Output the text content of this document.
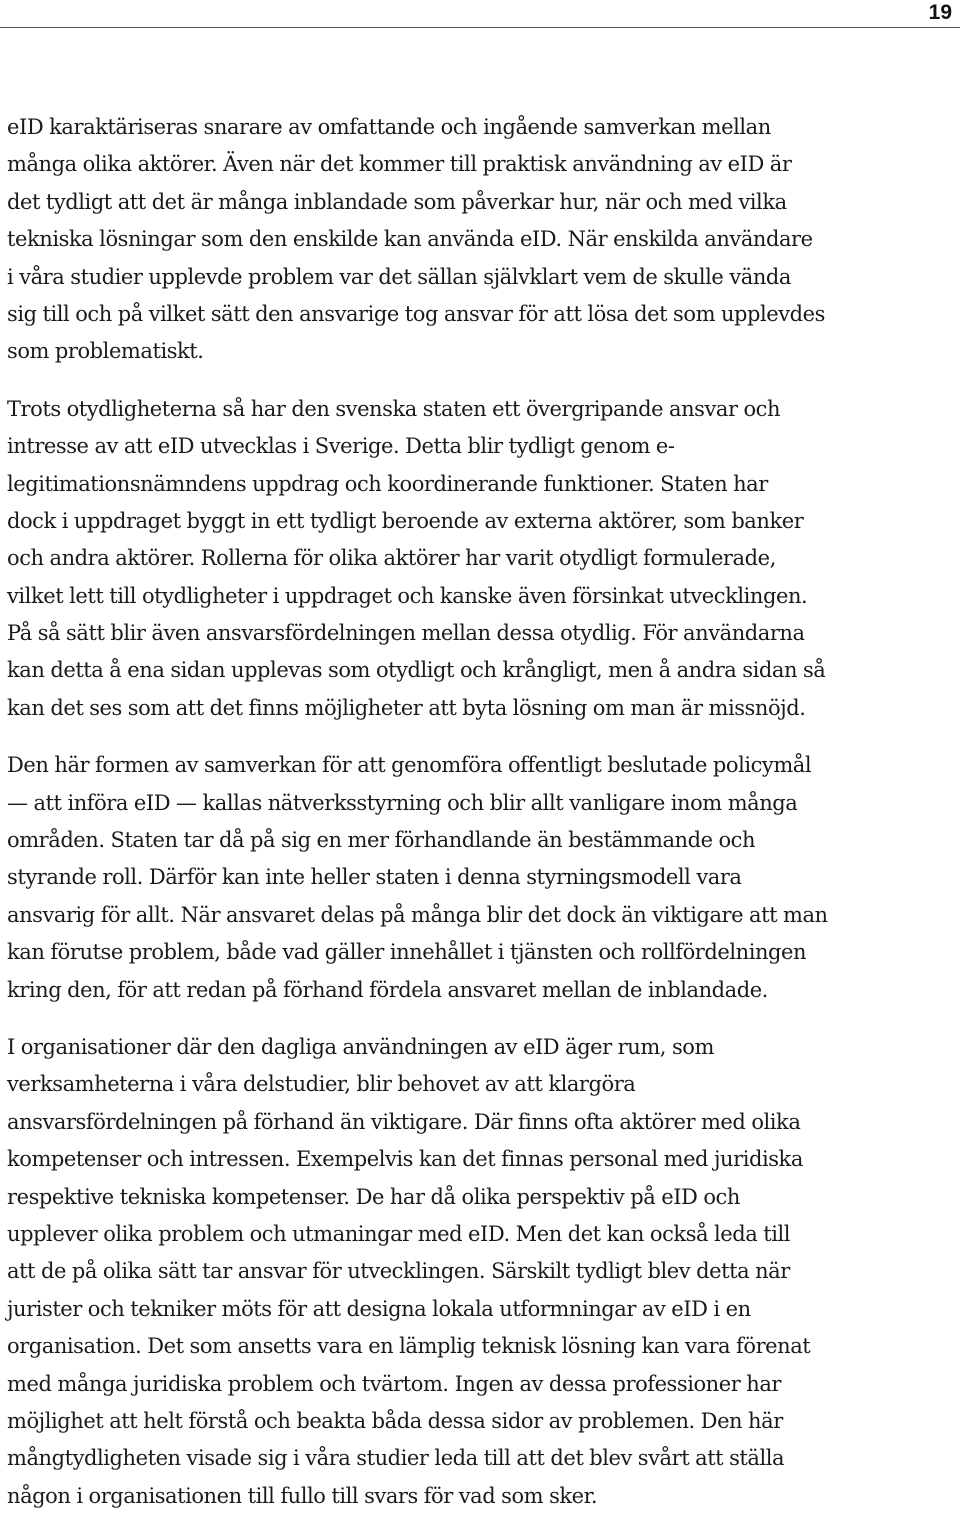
19

eID karaktäriseras snarare av omfattande och ingående samverkan mellan
många olika aktörer. Även när det kommer till praktisk användning av eID är
det tydligt att det är många inblandade som påverkar hur, när och med vilka
tekniska lösningar som den enskilde kan använda eID. När enskilda användare
i våra studier upplevde problem var det sällan självklart vem de skulle vända
sig till och på vilket sätt den ansvarige tog ansvar för att lösa det som upplevdes
som problematiskt.

Trots otydligheterna så har den svenska staten ett övergripande ansvar och
intresse av att eID utvecklas i Sverige. Detta blir tydligt genom e-
legitimationsnämndens uppdrag och koordinerande funktioner. Staten har
dock i uppdraget byggt in ett tydligt beroende av externa aktörer, som banker
och andra aktörer. Rollerna för olika aktörer har varit otydligt formulerade,
vilket lett till otydligheter i uppdraget och kanske även försinkat utvecklingen.
På så sätt blir även ansvarsfördelningen mellan dessa otydlig. För användarna
kan detta å ena sidan upplevas som otydligt och krångligt, men å andra sidan så
kan det ses som att det finns möjligheter att byta lösning om man är missnöjd.

Den här formen av samverkan för att genomföra offentligt beslutade policymål
— att införa eID — kallas nätverksstyrning och blir allt vanligare inom många
områden. Staten tar då på sig en mer förhandlande än bestämmande och
styrande roll. Därför kan inte heller staten i denna styrningsmodell vara
ansvarig för allt. När ansvaret delas på många blir det dock än viktigare att man
kan förutse problem, både vad gäller innehållet i tjänsten och rollfördelningen
kring den, för att redan på förhand fördela ansvaret mellan de inblandade.

I organisationer där den dagliga användningen av eID äger rum, som
verksamheterna i våra delstudier, blir behovet av att klargöra
ansvarsfördelningen på förhand än viktigare. Där finns ofta aktörer med olika
kompetenser och intressen. Exempelvis kan det finnas personal med juridiska
respektive tekniska kompetenser. De har då olika perspektiv på eID och
upplever olika problem och utmaningar med eID. Men det kan också leda till
att de på olika sätt tar ansvar för utvecklingen. Särskilt tydligt blev detta när
jurister och tekniker möts för att designa lokala utformningar av eID i en
organisation. Det som ansetts vara en lämplig teknisk lösning kan vara förenat
med många juridiska problem och tvärtom. Ingen av dessa professioner har
möjlighet att helt förstå och beakta båda dessa sidor av problemen. Den här
mångtydligheten visade sig i våra studier leda till att det blev svårt att ställa
någon i organisationen till fullo till svars för vad som sker.
